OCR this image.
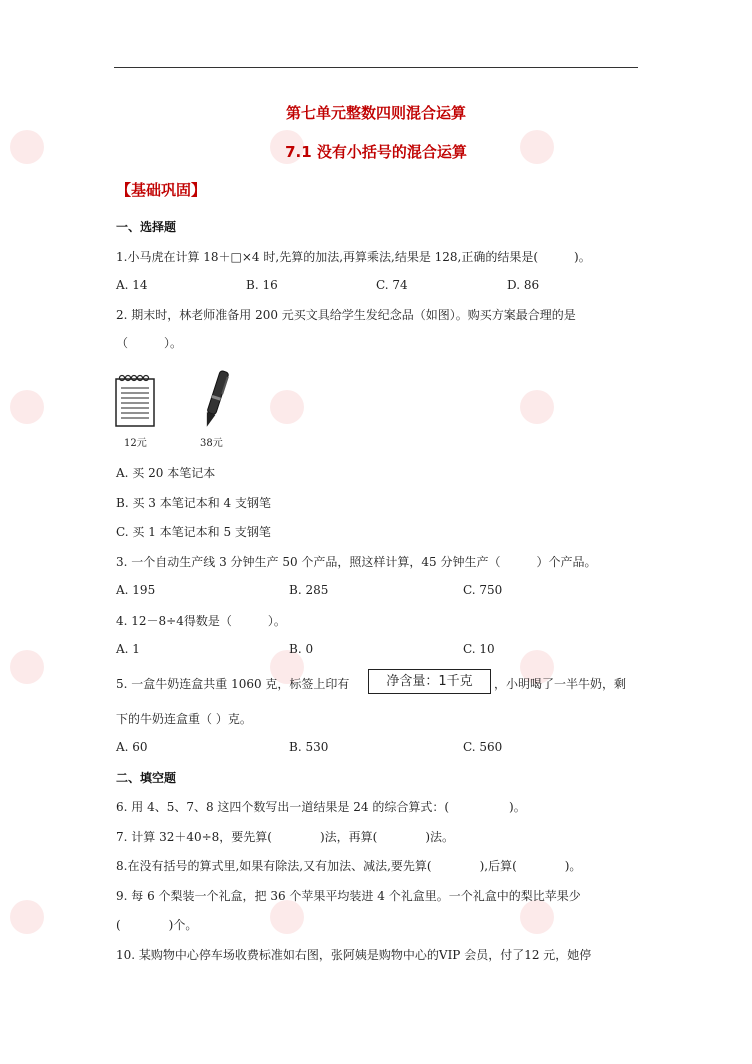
第七单元整数四则混合运算
7.1 没有小括号的混合运算
【基础巩固】
一、选择题
1.小马虎在计算 18＋□×4 时,先算的加法,再算乘法,结果是 128,正确的结果是(　　　)。
A. 14	B. 16	C. 74	D. 86
2. 期末时，林老师准备用 200 元买文具给学生发纪念品（如图）。购买方案最合理的是
（　　　）。
12元	38元
A. 买 20 本笔记本
B. 买 3 本笔记本和 4 支钢笔
C. 买 1 本笔记本和 5 支钢笔
3. 一个自动生产线 3 分钟生产 50 个产品，照这样计算，45 分钟生产（　　　）个产品。
A. 195	B. 285	C. 750
4. 12－8÷4得数是（　　　）。
A. 1	B. 0	C. 10
5. 一盒牛奶连盒共重 1060 克，标签上印有	净含量：1千克	，小明喝了一半牛奶，剩
下的牛奶连盒重（ ）克。
A. 60	B. 530	C. 560
二、填空题
6. 用 4、5、7、8 这四个数写出一道结果是 24 的综合算式：(　　　　　)。
7. 计算 32＋40÷8，要先算(　　　　)法，再算(　　　　)法。
8.在没有括号的算式里,如果有除法,又有加法、减法,要先算(　　　　),后算(　　　　)。
9. 每 6 个梨装一个礼盒，把 36 个苹果平均装进 4 个礼盒里。一个礼盒中的梨比苹果少
(　　　　)个。
10. 某购物中心停车场收费标准如右图，张阿姨是购物中心的VIP 会员，付了12 元，她停
